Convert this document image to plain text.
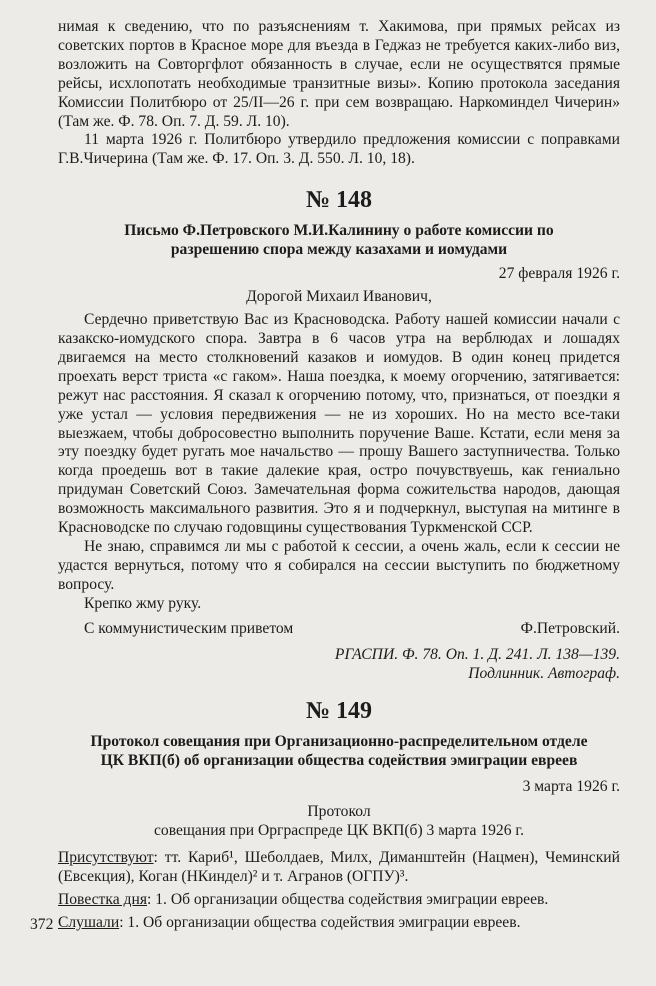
нимая к сведению, что по разъяснениям т. Хакимова, при прямых рейсах из советских портов в Красное море для въезда в Геджаз не требуется каких-либо виз, возложить на Совторгфлот обязанность в случае, если не осуществятся прямые рейсы, исхлопотать необходимые транзитные визы». Копию протокола заседания Комиссии Политбюро от 25/II—26 г. при сем возвращаю. Наркоминдел Чичерин» (Там же. Ф. 78. Оп. 7. Д. 59. Л. 10).

11 марта 1926 г. Политбюро утвердило предложения комиссии с поправками Г.В.Чичерина (Там же. Ф. 17. Оп. 3. Д. 550. Л. 10, 18).

№ 148
Письмо Ф.Петровского М.И.Калинину о работе комиссии по разрешению спора между казахами и иомудами

27 февраля 1926 г.

Дорогой Михаил Иванович,

Сердечно приветствую Вас из Красноводска. Работу нашей комиссии начали с казакско-иомудского спора. Завтра в 6 часов утра на верблюдах и лошадях двигаемся на место столкновений казаков и иомудов. В один конец придется проехать верст триста «с гаком». Наша поездка, к моему огорчению, затягивается: режут нас расстояния. Я сказал к огорчению потому, что, признаться, от поездки я уже устал — условия передвижения — не из хороших. Но на место все-таки выезжаем, чтобы добросовестно выполнить поручение Ваше. Кстати, если меня за эту поездку будет ругать мое начальство — прошу Вашего заступничества. Только когда проедешь вот в такие далекие края, остро почувствуешь, как гениально придуман Советский Союз. Замечательная форма сожительства народов, дающая возможность максимального развития. Это я и подчеркнул, выступая на митинге в Красноводске по случаю годовщины существования Туркменской ССР.

Не знаю, справимся ли мы с работой к сессии, а очень жаль, если к сессии не удастся вернуться, потому что я собирался на сессии выступить по бюджетному вопросу.

Крепко жму руку.

С коммунистическим приветом	Ф.Петровский.

РГАСПИ. Ф. 78. Оп. 1. Д. 241. Л. 138—139.

Подлинник. Автограф.

№ 149
Протокол совещания при Организационно-распределительном отделе ЦК ВКП(б) об организации общества содействия эмиграции евреев

3 марта 1926 г.

Протокол

совещания при Орграспреде ЦК ВКП(б) 3 марта 1926 г.

Присутствуют: тт. Кариб¹, Шеболдаев, Милх, Диманштейн (Нацмен), Чеминский (Евсекция), Коган (НКиндел)² и т. Агранов (ОГПУ)³.

Повестка дня: 1. Об организации общества содействия эмиграции евреев.

Слушали: 1. Об организации общества содействия эмиграции евреев.

372
